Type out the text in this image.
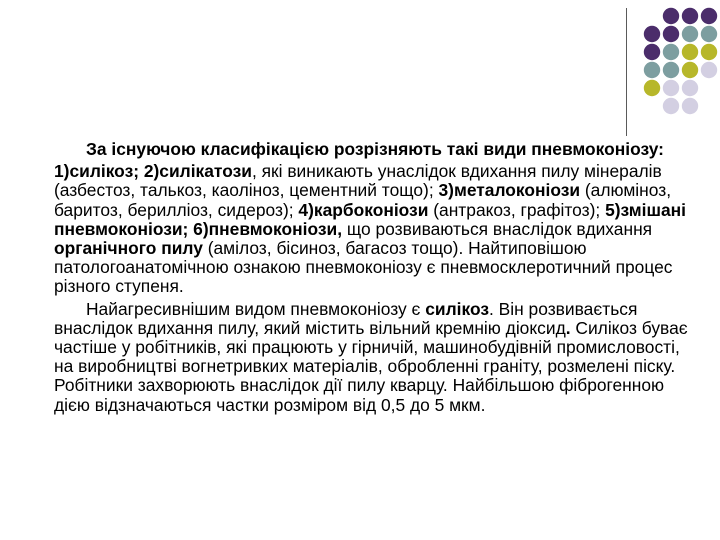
За існуючою класифікацією розрізняють такі види пневмоконіозу:

1)силікоз; 2)силікатози, які виникають унаслідок вдихання пилу мінералів (азбестоз, талькоз, каоліноз, цементний тощо); 3)металоконіози (алюміноз, баритоз, берилліоз, сидероз); 4)карбоконіози (антракоз, графітоз); 5)змішані пневмоконіози; 6)пневмоконіози, що розвиваються внаслідок вдихання органічного пилу (амілоз, бісиноз, багасоз тощо). Найтиповішою патологоанатомічною ознакою пневмоконіозу є пневмосклеротичний процес різного ступеня.

Найагресивнішим видом пневмоконіозу є силікоз. Він розвивається внаслідок вдихання пилу, який містить вільний кремнію діоксид. Силікоз буває частіше у робітників, які працюють у гірничій, машинобудівній промисловості, на виробництві вогнетривких матеріалів, обробленні граніту, розмелені піску. Робітники захворюють внаслідок дії пилу кварцу. Найбільшою фіброгенною дією відзначаються частки розміром від 0,5 до 5 мкм.
